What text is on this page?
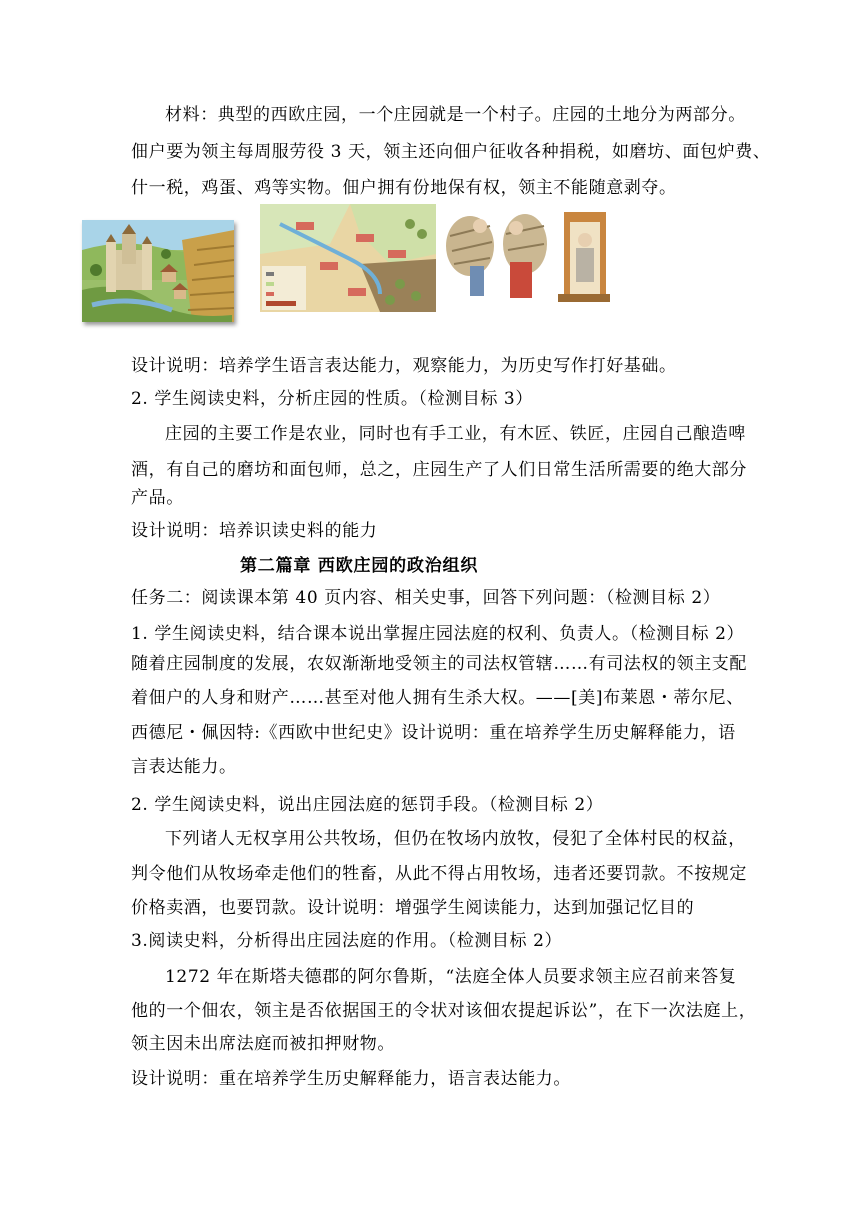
材料：典型的西欧庄园，一个庄园就是一个村子。庄园的土地分为两部分。
佃户要为领主每周服劳役 3 天，领主还向佃户征收各种捐税，如磨坊、面包炉费、
什一税，鸡蛋、鸡等实物。佃户拥有份地保有权，领主不能随意剥夺。
设计说明：培养学生语言表达能力，观察能力，为历史写作打好基础。
2. 学生阅读史料，分析庄园的性质。（检测目标 3）
庄园的主要工作是农业，同时也有手工业，有木匠、铁匠，庄园自己酿造啤
酒，有自己的磨坊和面包师，总之，庄园生产了人们日常生活所需要的绝大部分
产品。
设计说明：培养识读史料的能力
第二篇章 西欧庄园的政治组织
任务二：阅读课本第 40 页内容、相关史事，回答下列问题：（检测目标 2）
1. 学生阅读史料，结合课本说出掌握庄园法庭的权利、负责人。（检测目标 2）
随着庄园制度的发展，农奴渐渐地受领主的司法权管辖……有司法权的领主支配
着佃户的人身和财产……甚至对他人拥有生杀大权。——[美]布莱恩・蒂尔尼、
西德尼・佩因特:《西欧中世纪史》设计说明：重在培养学生历史解释能力，语
言表达能力。
2. 学生阅读史料，说出庄园法庭的惩罚手段。（检测目标 2）
下列诸人无权享用公共牧场，但仍在牧场内放牧，侵犯了全体村民的权益，
判令他们从牧场牵走他们的牲畜，从此不得占用牧场，违者还要罚款。不按规定
价格卖酒，也要罚款。设计说明：增强学生阅读能力，达到加强记忆目的
3.阅读史料，分析得出庄园法庭的作用。（检测目标 2）
1272 年在斯塔夫德郡的阿尔鲁斯，“法庭全体人员要求领主应召前来答复
他的一个佃农，领主是否依据国王的令状对该佃农提起诉讼”，在下一次法庭上，
领主因未出席法庭而被扣押财物。
设计说明：重在培养学生历史解释能力，语言表达能力。
